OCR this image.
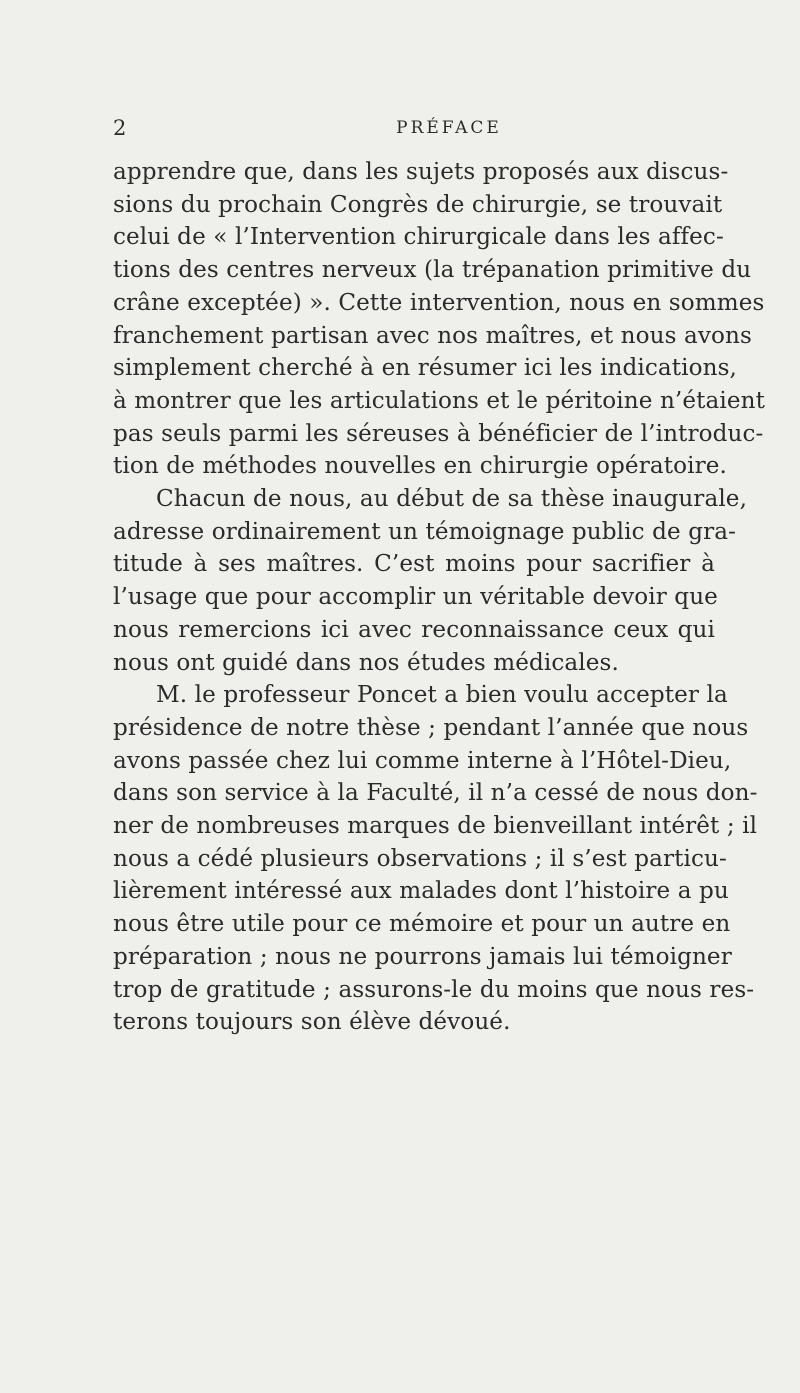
2	PRÉFACE

apprendre que, dans les sujets proposés aux discus-
sions du prochain Congrès de chirurgie, se trouvait
celui de « l’Intervention chirurgicale dans les affec-
tions des centres nerveux (la trépanation primitive du
crâne exceptée) ». Cette intervention, nous en sommes
franchement partisan avec nos maîtres, et nous avons
simplement cherché à en résumer ici les indications,
à montrer que les articulations et le péritoine n’étaient
pas seuls parmi les séreuses à bénéficier de l’introduc-
tion de méthodes nouvelles en chirurgie opératoire.

Chacun de nous, au début de sa thèse inaugurale,
adresse ordinairement un témoignage public de gra-
titude à ses maîtres. C’est moins pour sacrifier à
l’usage que pour accomplir un véritable devoir que
nous remercions ici avec reconnaissance ceux qui
nous ont guidé dans nos études médicales.

M. le professeur Poncet a bien voulu accepter la
présidence de notre thèse ; pendant l’année que nous
avons passée chez lui comme interne à l’Hôtel-Dieu,
dans son service à la Faculté, il n’a cessé de nous don-
ner de nombreuses marques de bienveillant intérêt ; il
nous a cédé plusieurs observations ; il s’est particu-
lièrement intéressé aux malades dont l’histoire a pu
nous être utile pour ce mémoire et pour un autre en
préparation ; nous ne pourrons jamais lui témoigner
trop de gratitude ; assurons-le du moins que nous res-
terons toujours son élève dévoué.
